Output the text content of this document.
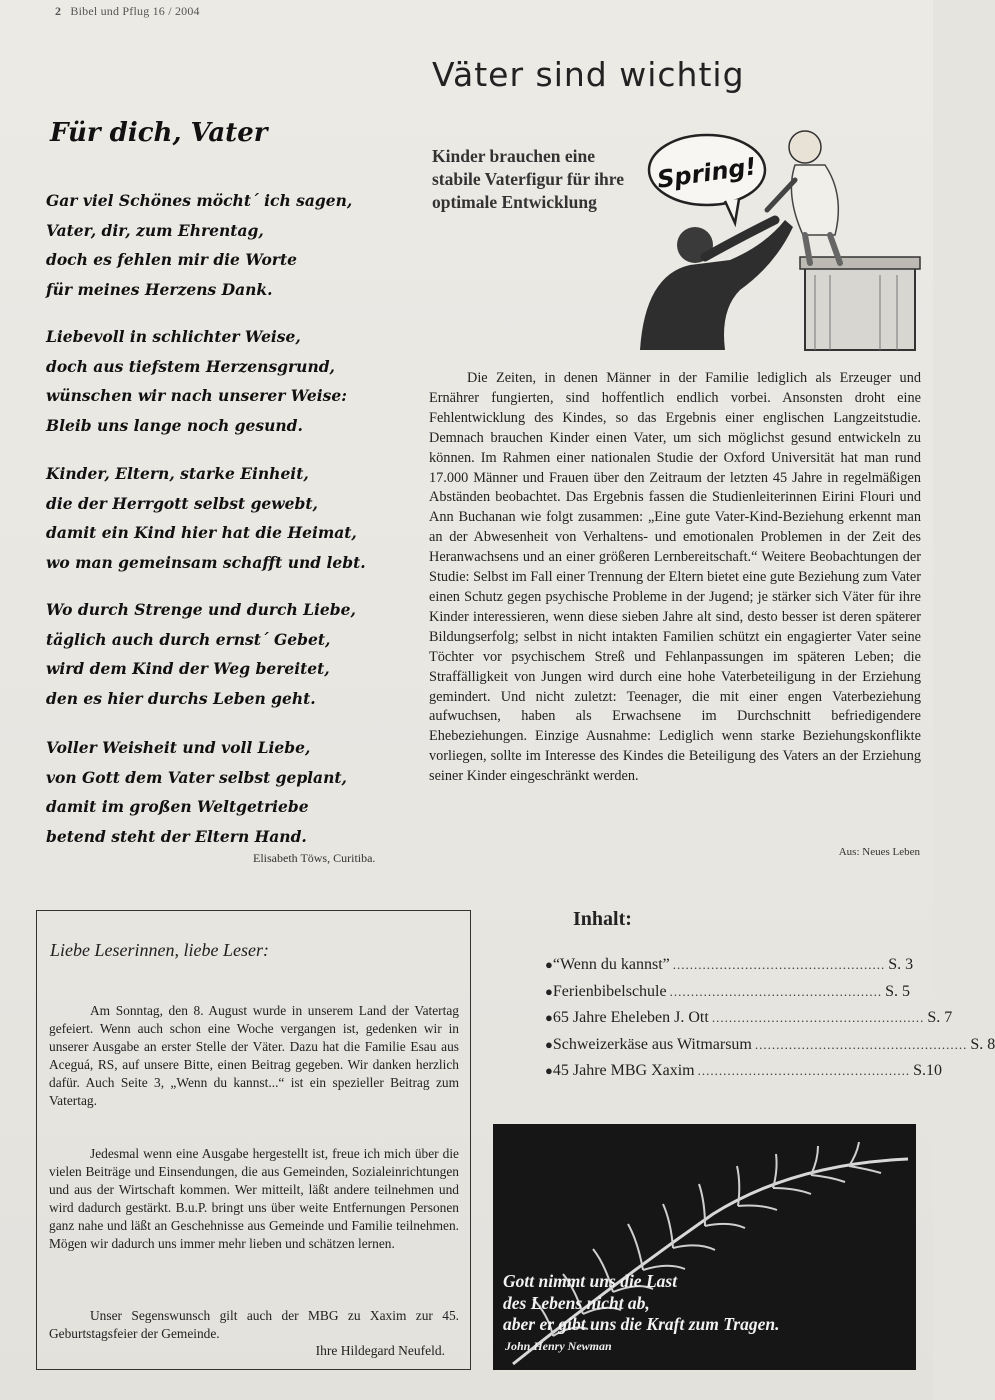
2 Bibel und Pflug 16 / 2004
Für dich, Vater
Gar viel Schönes möcht´ ich sagen,
Vater, dir, zum Ehrentag,
doch es fehlen mir die Worte
für meines Herzens Dank.
Liebevoll in schlichter Weise,
doch aus tiefstem Herzensgrund,
wünschen wir nach unserer Weise:
Bleib uns lange noch gesund.
Kinder, Eltern, starke Einheit,
die der Herrgott selbst gewebt,
damit ein Kind hier hat die Heimat,
wo man gemeinsam schafft und lebt.
Wo durch Strenge und durch Liebe,
täglich auch durch ernst´ Gebet,
wird dem Kind der Weg bereitet,
den es hier durchs Leben geht.
Voller Weisheit und voll Liebe,
von Gott dem Vater selbst geplant,
damit im großen Weltgetriebe
betend steht der Eltern Hand.
Elisabeth Töws, Curitiba.
Väter sind wichtig
Kinder brauchen eine stabile Vaterfigur für ihre optimale Entwicklung
Spring!
Die Zeiten, in denen Männer in der Familie lediglich als Erzeuger und Ernährer fungierten, sind hoffentlich endlich vorbei. Ansonsten droht eine Fehlentwicklung des Kindes, so das Ergebnis einer englischen Langzeitstudie. Demnach brauchen Kinder einen Vater, um sich möglichst gesund entwickeln zu können. Im Rahmen einer nationalen Studie der Oxford Universität hat man rund 17.000 Männer und Frauen über den Zeitraum der letzten 45 Jahre in regelmäßigen Abständen beobachtet. Das Ergebnis fassen die Studienleiterinnen Eirini Flouri und Ann Buchanan wie folgt zusammen: „Eine gute Vater-Kind-Beziehung erkennt man an der Abwesenheit von Verhaltens- und emotionalen Problemen in der Zeit des Heranwachsens und an einer größeren Lernbereitschaft.“ Weitere Beobachtungen der Studie: Selbst im Fall einer Trennung der Eltern bietet eine gute Beziehung zum Vater einen Schutz gegen psychische Probleme in der Jugend; je stärker sich Väter für ihre Kinder interessieren, wenn diese sieben Jahre alt sind, desto besser ist deren späterer Bildungserfolg; selbst in nicht intakten Familien schützt ein engagierter Vater seine Töchter vor psychischem Streß und Fehlanpassungen im späteren Leben; die Straffälligkeit von Jungen wird durch eine hohe Vaterbeteiligung in der Erziehung gemindert. Und nicht zuletzt: Teenager, die mit einer engen Vaterbeziehung aufwuchsen, haben als Erwachsene im Durchschnitt befriedigendere Ehebeziehungen. Einzige Ausnahme: Lediglich wenn starke Beziehungskonflikte vorliegen, sollte im Interesse des Kindes die Beteiligung des Vaters an der Erziehung seiner Kinder eingeschränkt werden.
Aus: Neues Leben
Liebe Leserinnen, liebe Leser:
Am Sonntag, den 8. August wurde in unserem Land der Vatertag gefeiert. Wenn auch schon eine Woche vergangen ist, gedenken wir in unserer Ausgabe an erster Stelle der Väter. Dazu hat die Familie Esau aus Aceguá, RS, auf unsere Bitte, einen Beitrag gegeben. Wir danken herzlich dafür. Auch Seite 3, „Wenn du kannst...“ ist ein spezieller Beitrag zum Vatertag.
Jedesmal wenn eine Ausgabe hergestellt ist, freue ich mich über die vielen Beiträge und Einsendungen, die aus Gemeinden, Sozialeinrichtungen und aus der Wirtschaft kommen. Wer mitteilt, läßt andere teilnehmen und wird dadurch gestärkt. B.u.P. bringt uns über weite Entfernungen Personen ganz nahe und läßt an Geschehnisse aus Gemeinde und Familie teilnehmen. Mögen wir dadurch uns immer mehr lieben und schätzen lernen.
Unser Segenswunsch gilt auch der MBG zu Xaxim zur 45. Geburtstagsfeier der Gemeinde.
Ihre Hildegard Neufeld.
Inhalt:
● “Wenn du kannst” .................................................. S. 3
● Ferienbibelschule .................................................. S. 5
● 65 Jahre Eheleben J. Ott .................................................. S. 7
● Schweizerkäse aus Witmarsum .................................................. S. 8
● 45 Jahre MBG Xaxim .................................................. S.10
Gott nimmt uns die Last
des Lebens nicht ab,
aber er gibt uns die Kraft zum Tragen.
John Henry Newman
